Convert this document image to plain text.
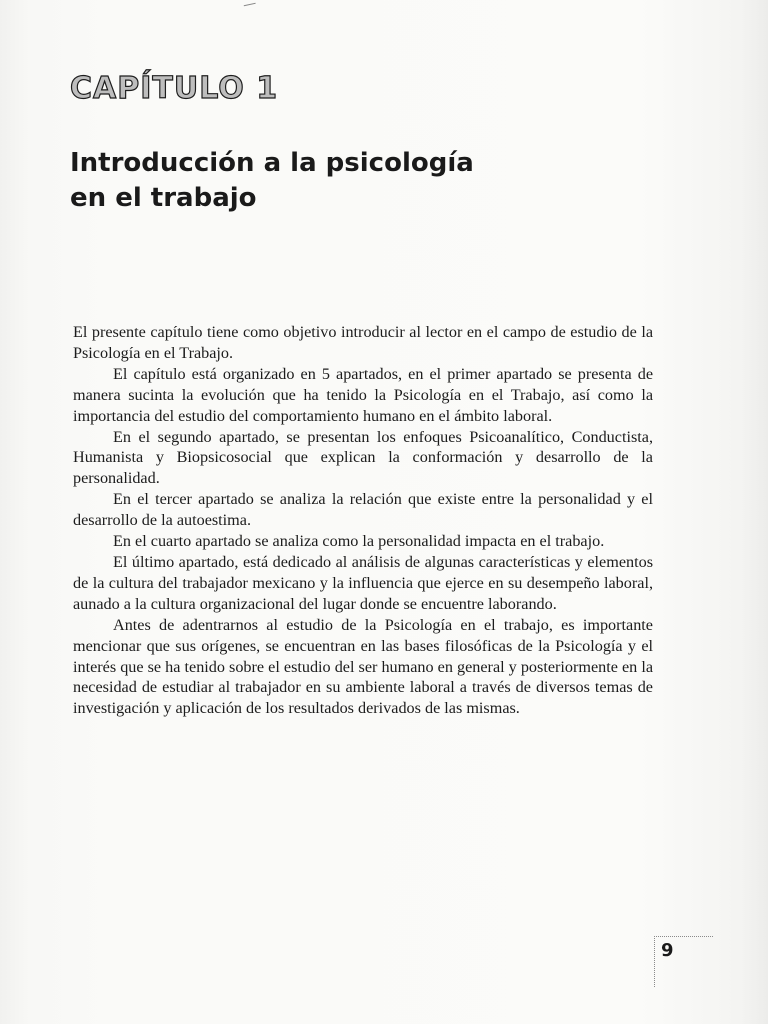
CAPÍTULO 1
Introducción a la psicología
en el trabajo

El presente capítulo tiene como objetivo introducir al lector en el campo de estudio de la Psicología en el Trabajo.

El capítulo está organizado en 5 apartados, en el primer apartado se presenta de manera sucinta la evolución que ha tenido la Psicología en el Trabajo, así como la importancia del estudio del comportamiento humano en el ámbito laboral.

En el segundo apartado, se presentan los enfoques Psicoanalítico, Conductista, Humanista y Biopsicosocial que explican la conformación y desarrollo de la personalidad.

En el tercer apartado se analiza la relación que existe entre la personalidad y el desarrollo de la autoestima.

En el cuarto apartado se analiza como la personalidad impacta en el trabajo.

El último apartado, está dedicado al análisis de algunas características y elementos de la cultura del trabajador mexicano y la influencia que ejerce en su desempeño laboral, aunado a la cultura organizacional del lugar donde se encuentre laborando.

Antes de adentrarnos al estudio de la Psicología en el trabajo, es importante mencionar que sus orígenes, se encuentran en las bases filosóficas de la Psicología y el interés que se ha tenido sobre el estudio del ser humano en general y posteriormente en la necesidad de estudiar al trabajador en su ambiente laboral a través de diversos temas de investigación y aplicación de los resultados derivados de las mismas.

9
